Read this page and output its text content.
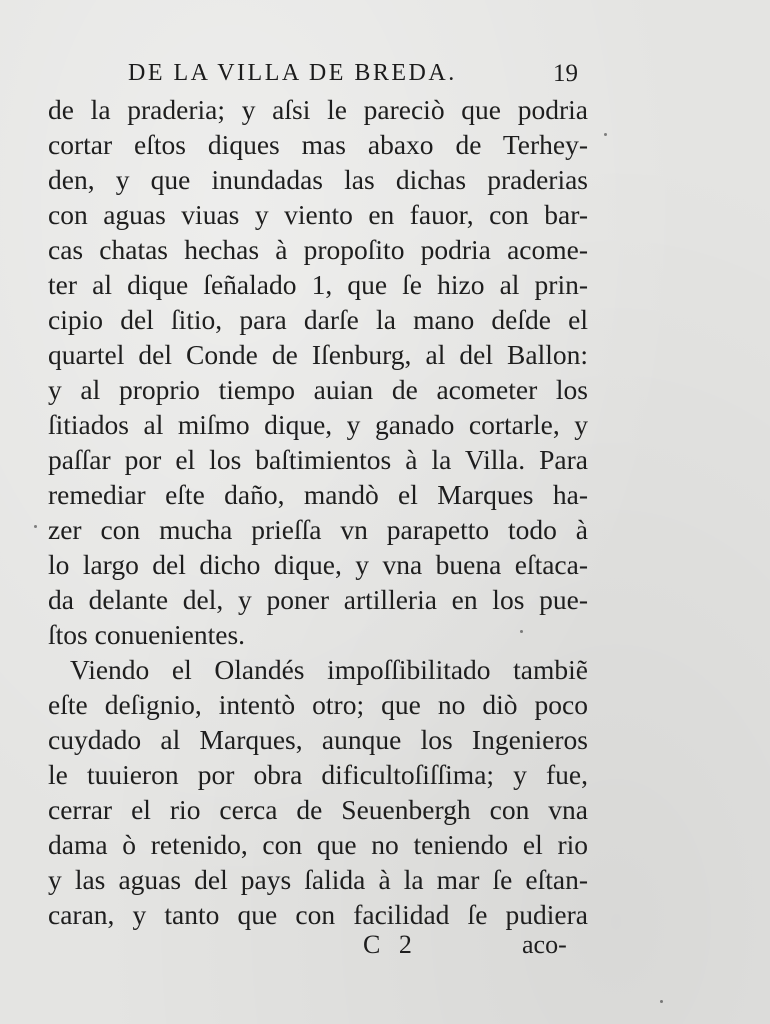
DE LA VILLA DE BREDA.	19
de la praderia; y aſsi le pareciò que podria
cortar eſtos diques mas abaxo de Terhey-
den, y que inundadas las dichas praderias
con aguas viuas y viento en fauor, con bar-
cas chatas hechas à propoſito podria acome-
ter al dique ſeñalado 1, que ſe hizo al prin-
cipio del ſitio, para darſe la mano deſde el
quartel del Conde de Iſenburg, al del Ballon:
y al proprio tiempo auian de acometer los
ſitiados al miſmo dique, y ganado cortarle, y
paſſar por el los baſtimientos à la Villa. Para
remediar eſte daño, mandò el Marques ha-
zer con mucha prieſſa vn parapetto todo à
lo largo del dicho dique, y vna buena eſtaca-
da delante del, y poner artilleria en los pue-
ſtos conuenientes.
Viendo el Olandés impoſſibilitado tambiẽ
eſte deſignio, intentò otro; que no diò poco
cuydado al Marques, aunque los Ingenieros
le tuuieron por obra dificultoſiſſima; y fue,
cerrar el rio cerca de Seuenbergh con vna
dama ò retenido, con que no teniendo el rio
y las aguas del pays ſalida à la mar ſe eſtan-
caran, y tanto que con facilidad ſe pudiera
C 2	aco-
